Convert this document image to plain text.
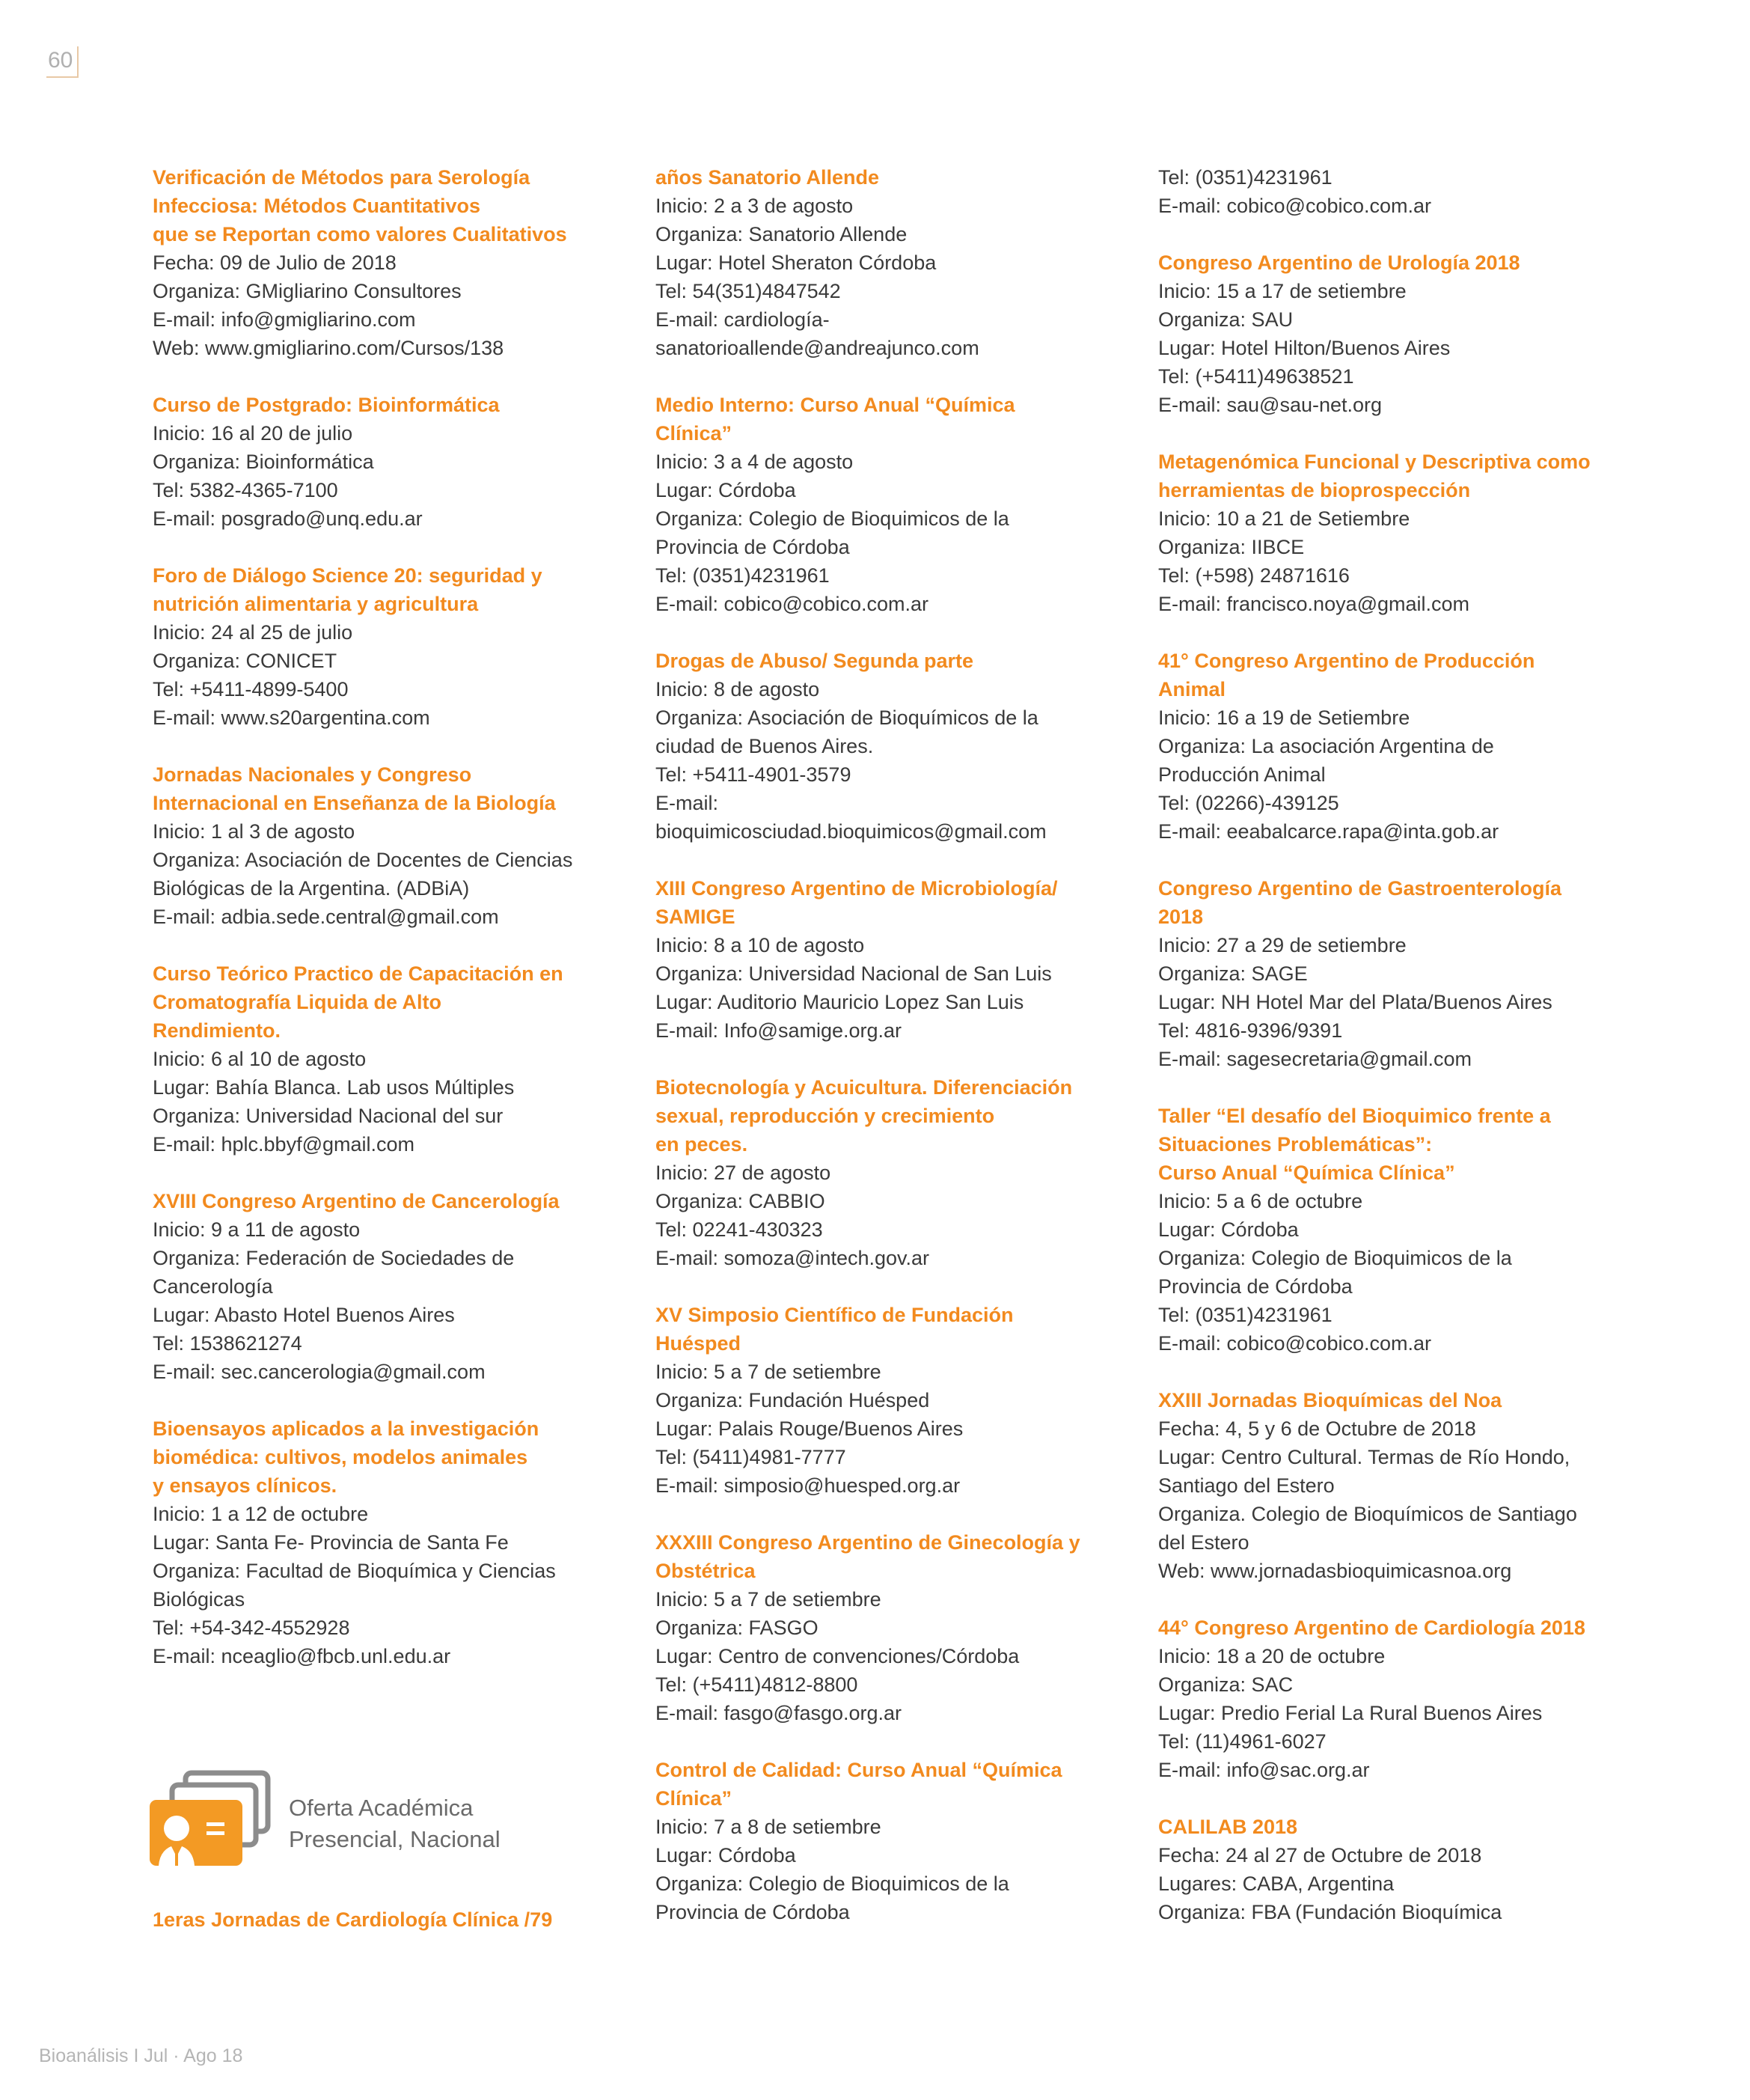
60
Verificación de Métodos para Serología
Infecciosa: Métodos Cuantitativos
que se Reportan como valores Cualitativos
Fecha: 09 de Julio de 2018
Organiza: GMigliarino Consultores
E-mail: info@gmigliarino.com
Web: www.gmigliarino.com/Cursos/138
Curso de Postgrado: Bioinformática
Inicio: 16 al 20 de julio
Organiza: Bioinformática
Tel: 5382-4365-7100
E-mail: posgrado@unq.edu.ar
Foro de Diálogo Science 20: seguridad y
nutrición alimentaria y agricultura
Inicio: 24 al 25 de julio
Organiza: CONICET
Tel: +5411-4899-5400
E-mail: www.s20argentina.com
Jornadas Nacionales y Congreso
Internacional en Enseñanza de la Biología
Inicio: 1 al 3 de agosto
Organiza: Asociación de Docentes de Ciencias
Biológicas de la Argentina. (ADBiA)
E-mail: adbia.sede.central@gmail.com
Curso Teórico Practico de Capacitación en
Cromatografía Liquida de Alto
Rendimiento.
Inicio: 6 al 10 de agosto
Lugar: Bahía Blanca. Lab usos Múltiples
Organiza: Universidad Nacional del sur
E-mail: hplc.bbyf@gmail.com
XVIII Congreso Argentino de Cancerología
Inicio: 9 a 11 de agosto
Organiza: Federación de Sociedades de
Cancerología
Lugar: Abasto Hotel Buenos Aires
Tel: 1538621274
E-mail: sec.cancerologia@gmail.com
Bioensayos aplicados a la investigación
biomédica: cultivos, modelos animales
y ensayos clínicos.
Inicio: 1 a 12 de octubre
Lugar: Santa Fe- Provincia de Santa Fe
Organiza: Facultad de Bioquímica y Ciencias
Biológicas
Tel: +54-342-4552928
E-mail: nceaglio@fbcb.unl.edu.ar
años Sanatorio Allende
Inicio: 2 a 3 de agosto
Organiza: Sanatorio Allende
Lugar: Hotel Sheraton Córdoba
Tel: 54(351)4847542
E-mail: cardiología-
sanatorioallende@andreajunco.com
Medio Interno: Curso Anual “Química
Clínica”
Inicio: 3 a 4 de agosto
Lugar: Córdoba
Organiza: Colegio de Bioquimicos de la
Provincia de Córdoba
Tel: (0351)4231961
E-mail: cobico@cobico.com.ar
Drogas de Abuso/ Segunda parte
Inicio: 8 de agosto
Organiza: Asociación de Bioquímicos de la
ciudad de Buenos Aires.
Tel: +5411-4901-3579
E-mail:
bioquimicosciudad.bioquimicos@gmail.com
XIII Congreso Argentino de Microbiología/
SAMIGE
Inicio: 8 a 10 de agosto
Organiza: Universidad Nacional de San Luis
Lugar: Auditorio Mauricio Lopez San Luis
E-mail: Info@samige.org.ar
Biotecnología y Acuicultura. Diferenciación
sexual, reproducción y crecimiento
en peces.
Inicio: 27 de agosto
Organiza: CABBIO
Tel: 02241-430323
E-mail: somoza@intech.gov.ar
XV Simposio Científico de Fundación
Huésped
Inicio: 5 a 7 de setiembre
Organiza: Fundación Huésped
Lugar: Palais Rouge/Buenos Aires
Tel: (5411)4981-7777
E-mail: simposio@huesped.org.ar
XXXIII Congreso Argentino de Ginecología y
Obstétrica
Inicio: 5 a 7 de setiembre
Organiza: FASGO
Lugar: Centro de convenciones/Córdoba
Tel: (+5411)4812-8800
E-mail: fasgo@fasgo.org.ar
Control de Calidad: Curso Anual “Química
Clínica”
Inicio: 7 a 8 de setiembre
Lugar: Córdoba
Organiza: Colegio de Bioquimicos de la
Provincia de Córdoba
Tel: (0351)4231961
E-mail: cobico@cobico.com.ar
Congreso Argentino de Urología 2018
Inicio: 15 a 17 de setiembre
Organiza: SAU
Lugar: Hotel Hilton/Buenos Aires
Tel: (+5411)49638521
E-mail: sau@sau-net.org
Metagenómica Funcional y Descriptiva como
herramientas de bioprospección
Inicio: 10 a 21 de Setiembre
Organiza: IIBCE
Tel: (+598) 24871616
E-mail: francisco.noya@gmail.com
41° Congreso Argentino de Producción
Animal
Inicio: 16 a 19 de Setiembre
Organiza: La asociación Argentina de
Producción Animal
Tel: (02266)-439125
E-mail: eeabalcarce.rapa@inta.gob.ar
Congreso Argentino de Gastroenterología
2018
Inicio: 27 a 29 de setiembre
Organiza: SAGE
Lugar: NH Hotel Mar del Plata/Buenos Aires
Tel: 4816-9396/9391
E-mail: sagesecretaria@gmail.com
Taller “El desafío del Bioquimico frente a
Situaciones Problemáticas”:
Curso Anual “Química Clínica”
Inicio: 5 a 6 de octubre
Lugar: Córdoba
Organiza: Colegio de Bioquimicos de la
Provincia de Córdoba
Tel: (0351)4231961
E-mail: cobico@cobico.com.ar
XXIII Jornadas Bioquímicas del Noa
Fecha: 4, 5 y 6 de Octubre de 2018
Lugar: Centro Cultural. Termas de Río Hondo,
Santiago del Estero
Organiza. Colegio de Bioquímicos de Santiago
del Estero
Web: www.jornadasbioquimicasnoa.org
44° Congreso Argentino de Cardiología 2018
Inicio: 18 a 20 de octubre
Organiza: SAC
Lugar: Predio Ferial La Rural Buenos Aires
Tel: (11)4961-6027
E-mail: info@sac.org.ar
CALILAB 2018
Fecha: 24 al 27 de Octubre de 2018
Lugares: CABA, Argentina
Organiza: FBA (Fundación Bioquímica
Oferta Académica
Presencial, Nacional
1eras Jornadas de Cardiología Clínica /79
Bioanálisis I Jul · Ago 18
